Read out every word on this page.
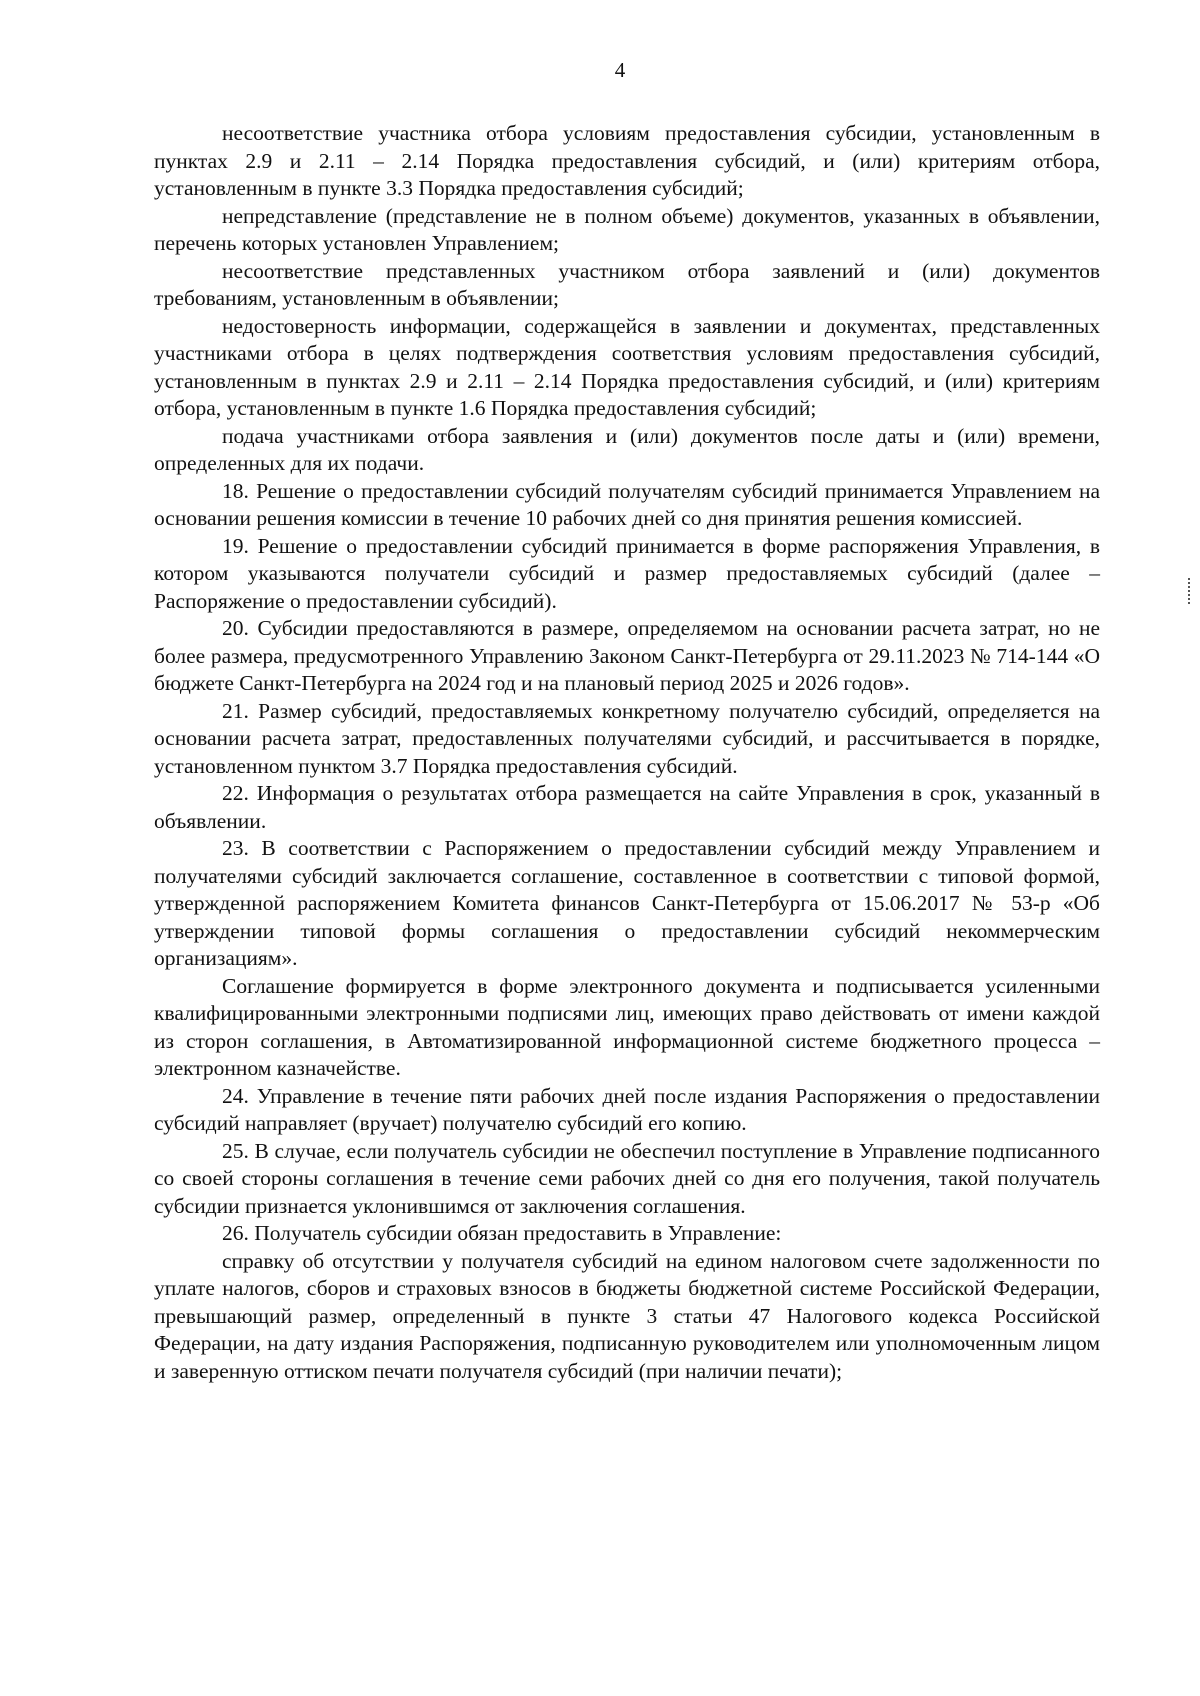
4

несоответствие участника отбора условиям предоставления субсидии, установленным в пунктах 2.9 и 2.11 – 2.14 Порядка предоставления субсидий, и (или) критериям отбора, установленным в пункте 3.3 Порядка предоставления субсидий;

непредставление (представление не в полном объеме) документов, указанных в объявлении, перечень которых установлен Управлением;

несоответствие представленных участником отбора заявлений и (или) документов требованиям, установленным в объявлении;

недостоверность информации, содержащейся в заявлении и документах, представленных участниками отбора в целях подтверждения соответствия условиям предоставления субсидий, установленным в пунктах 2.9 и 2.11 – 2.14 Порядка предоставления субсидий, и (или) критериям отбора, установленным в пункте 1.6 Порядка предоставления субсидий;

подача участниками отбора заявления и (или) документов после даты и (или) времени, определенных для их подачи.

18. Решение о предоставлении субсидий получателям субсидий принимается Управлением на основании решения комиссии в течение 10 рабочих дней со дня принятия решения комиссией.

19. Решение о предоставлении субсидий принимается в форме распоряжения Управления, в котором указываются получатели субсидий и размер предоставляемых субсидий (далее – Распоряжение о предоставлении субсидий).

20. Субсидии предоставляются в размере, определяемом на основании расчета затрат, но не более размера, предусмотренного Управлению Законом Санкт-Петербурга от 29.11.2023 № 714-144 «О бюджете Санкт-Петербурга на 2024 год и на плановый период 2025 и 2026 годов».

21. Размер субсидий, предоставляемых конкретному получателю субсидий, определяется на основании расчета затрат, предоставленных получателями субсидий, и рассчитывается в порядке, установленном пунктом 3.7 Порядка предоставления субсидий.

22. Информация о результатах отбора размещается на сайте Управления в срок, указанный в объявлении.

23. В соответствии с Распоряжением о предоставлении субсидий между Управлением и получателями субсидий заключается соглашение, составленное в соответствии с типовой формой, утвержденной распоряжением Комитета финансов Санкт-Петербурга от 15.06.2017 № 53-р «Об утверждении типовой формы соглашения о предоставлении субсидий некоммерческим организациям».

Соглашение формируется в форме электронного документа и подписывается усиленными квалифицированными электронными подписями лиц, имеющих право действовать от имени каждой из сторон соглашения, в Автоматизированной информационной системе бюджетного процесса – электронном казначействе.

24. Управление в течение пяти рабочих дней после издания Распоряжения о предоставлении субсидий направляет (вручает) получателю субсидий его копию.

25. В случае, если получатель субсидии не обеспечил поступление в Управление подписанного со своей стороны соглашения в течение семи рабочих дней со дня его получения, такой получатель субсидии признается уклонившимся от заключения соглашения.

26. Получатель субсидии обязан предоставить в Управление:

справку об отсутствии у получателя субсидий на едином налоговом счете задолженности по уплате налогов, сборов и страховых взносов в бюджеты бюджетной системе Российской Федерации, превышающий размер, определенный в пункте 3 статьи 47 Налогового кодекса Российской Федерации, на дату издания Распоряжения, подписанную руководителем или уполномоченным лицом и заверенную оттиском печати получателя субсидий (при наличии печати);
